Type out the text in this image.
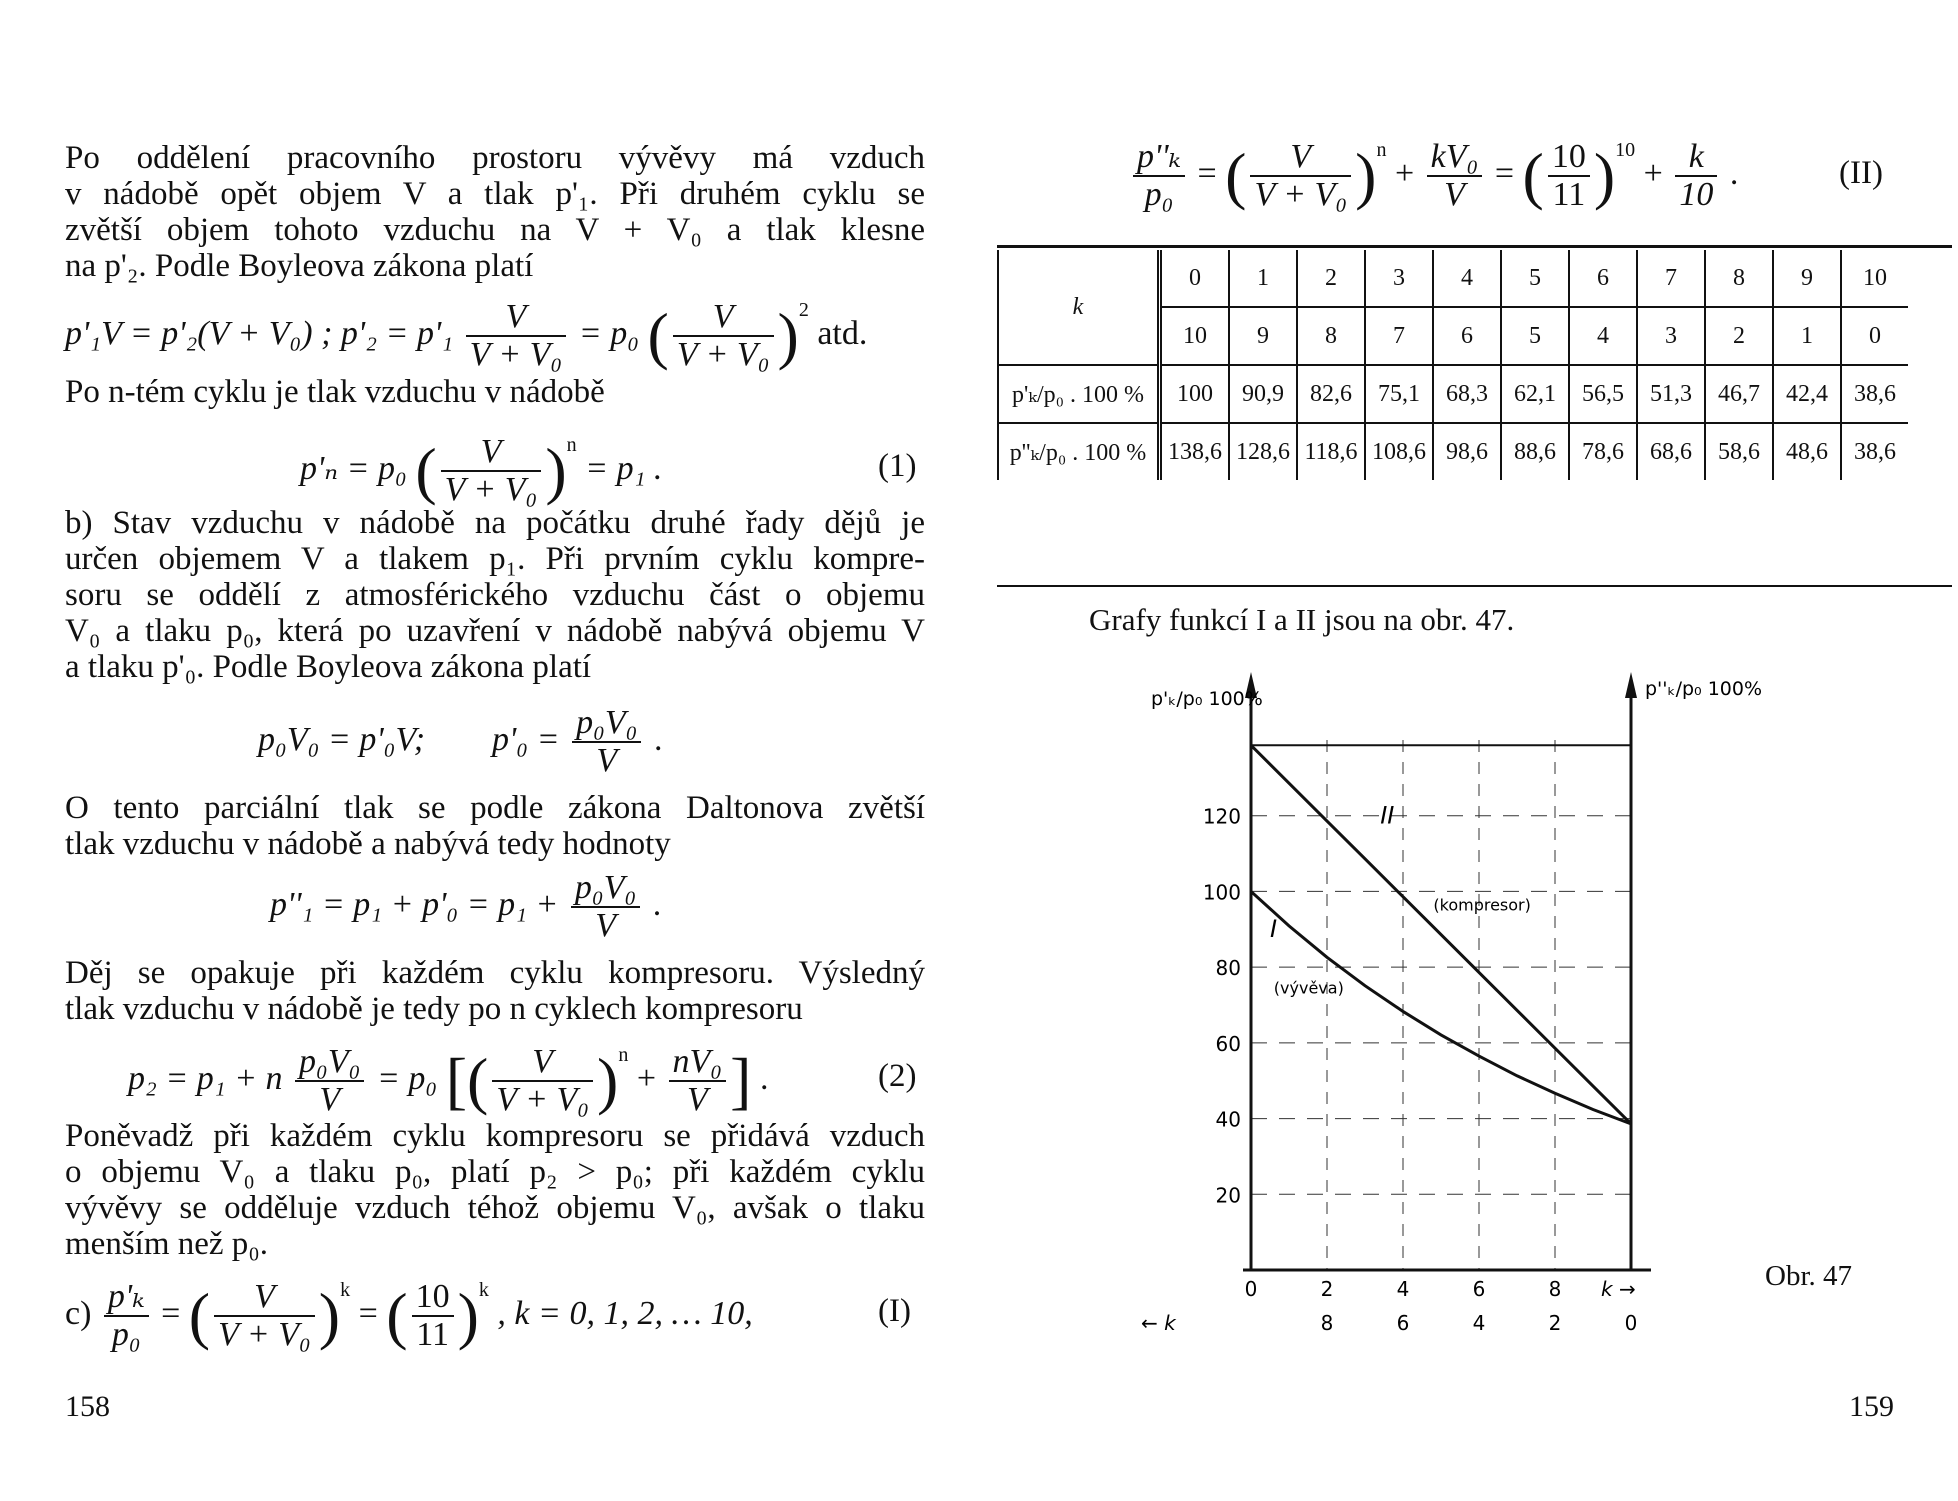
Po oddělení pracovního prostoru vývěvy má vzduch
v nádobě opět objem V a tlak p'₁. Při druhém cyklu se
zvětší objem tohoto vzduchu na V + V₀ a tlak klesne
na p'₂. Podle Boyleova zákona platí
p'₁V = p'₂(V + V₀) ; $p'_2 = p'_1 \frac{V}{\text{V + V₀}} = p_0$ ( $\frac{V}{\text{V + V₀}} )^2$ atd.
Po n-tém cyklu je tlak vzduchu v nádobě
p'ₙ = p₀ ( $\frac{V}{\text{V + V₀}} )^n = p_1$ .	(1)
b) Stav vzduchu v nádobě na počátku druhé řady dějů je
určen objemem V a tlakem p₁. Při prvním cyklu kompre-
soru se oddělí z atmosférického vzduchu část o objemu
V₀ a tlaku p₀, která po uzavření v nádobě nabývá objemu V
a tlaku p'₀. Podle Boyleova zákona platí
p₀V₀ = p'₀V; $p'_0 = \frac{\text{p₀V₀}}{V}$ .
O tento parciální tlak se podle zákona Daltonova zvětší
tlak vzduchu v nádobě a nabývá tedy hodnoty
$p''_1 = p_1 + p'_0 = p_1 + \frac{\text{p₀V₀}}{V}$ .
Děj se opakuje při každém cyklu kompresoru. Výsledný
tlak vzduchu v nádobě je tedy po n cyklech kompresoru
p₂ = p₁ + n $\frac{\text{p₀V₀}}{V} = p_0$ [( $\frac{V}{\text{V + V₀}} )^n + \frac{\text{nV₀}}{V}$ ] .	(2)
Poněvadž při každém cyklu kompresoru se přidává vzduch
o objemu V₀ a tlaku p₀, platí p₂ > p₀; při každém cyklu
vývěvy se odděluje vzduch téhož objemu V₀, avšak o tlaku
menším než p₀.
$c) \frac{\text{p'ₖ}}{\text{p₀}}$ = ( $\frac{V}{\text{V + V₀}} )^k$ = ( $\frac{10}{11} )^k$ , k = 0, 1, 2, … 10,	(I)
158
$\frac{\text{p''ₖ}}{\text{p₀}}$ = ( $\frac{V}{\text{V + V₀}} )^n + \frac{\text{kV₀}}{V}$ = ( $\frac{10}{11} )^{10} + \frac{k}{10}$ .	(II)
k	0	1	2	3	4	5	6	7	8	9	10
	10	9	8	7	6	5	4	3	2	1	0
p'ₖ/p₀ . 100 %	100	90,9	82,6	75,1	68,3	62,1	56,5	51,3	46,7	42,4	38,6
p''ₖ/p₀ . 100 %	138,6	128,6	118,6	108,6	98,6	88,6	78,6	68,6	58,6	48,6	38,6
Grafy funkcí I a II jsou na obr. 47.
20
40
60
80
100
120
0	2	4	6	8
8	6	4	2	0
k →
← k
p'ₖ/p₀ 100%	p''ₖ/p₀ 100%
II
(kompresor)
I
(vývěva)
Obr. 47
159
